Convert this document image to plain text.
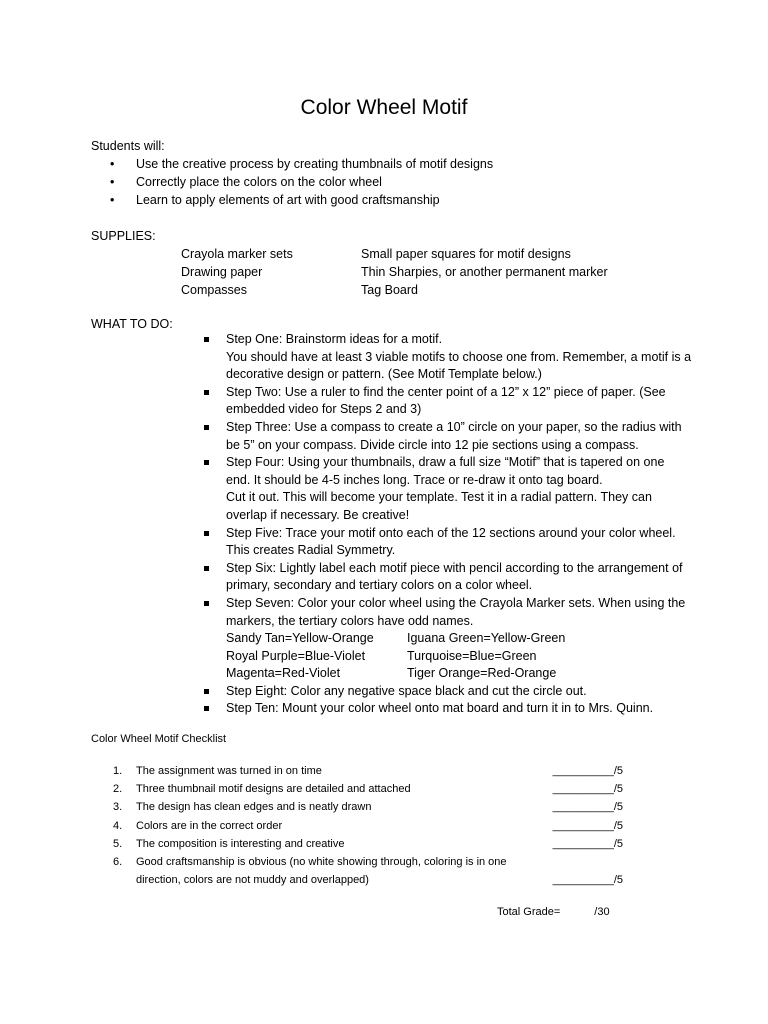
Color Wheel Motif
Students will:
• Use the creative process by creating thumbnails of motif designs
• Correctly place the colors on the color wheel
• Learn to apply elements of art with good craftsmanship
SUPPLIES:
Crayola marker sets	Small paper squares for motif designs
Drawing paper	Thin Sharpies, or another permanent marker
Compasses	Tag Board
WHAT TO DO:
Step One: Brainstorm ideas for a motif.
You should have at least 3 viable motifs to choose one from. Remember, a motif is a decorative design or pattern. (See Motif Template below.)
Step Two: Use a ruler to find the center point of a 12” x 12” piece of paper. (See embedded video for Steps 2 and 3)
Step Three: Use a compass to create a 10” circle on your paper, so the radius with be 5” on your compass. Divide circle into 12 pie sections using a compass.
Step Four: Using your thumbnails, draw a full size “Motif” that is tapered on one end. It should be 4-5 inches long. Trace or re-draw it onto tag board.
Cut it out. This will become your template. Test it in a radial pattern. They can overlap if necessary. Be creative!
Step Five: Trace your motif onto each of the 12 sections around your color wheel. This creates Radial Symmetry.
Step Six: Lightly label each motif piece with pencil according to the arrangement of primary, secondary and tertiary colors on a color wheel.
Step Seven: Color your color wheel using the Crayola Marker sets. When using the markers, the tertiary colors have odd names.
Sandy Tan=Yellow-Orange	Iguana Green=Yellow-Green
Royal Purple=Blue-Violet	Turquoise=Blue=Green
Magenta=Red-Violet	Tiger Orange=Red-Orange
Step Eight: Color any negative space black and cut the circle out.
Step Ten: Mount your color wheel onto mat board and turn it in to Mrs. Quinn.
Color Wheel Motif Checklist
1. The assignment was turned in on time	__________/5
2. Three thumbnail motif designs are detailed and attached	__________/5
3. The design has clean edges and is neatly drawn	__________/5
4. Colors are in the correct order	__________/5
5. The composition is interesting and creative	__________/5
6. Good craftsmanship is obvious (no white showing through, coloring is in one direction, colors are not muddy and overlapped)	__________/5
Total Grade=	/30
